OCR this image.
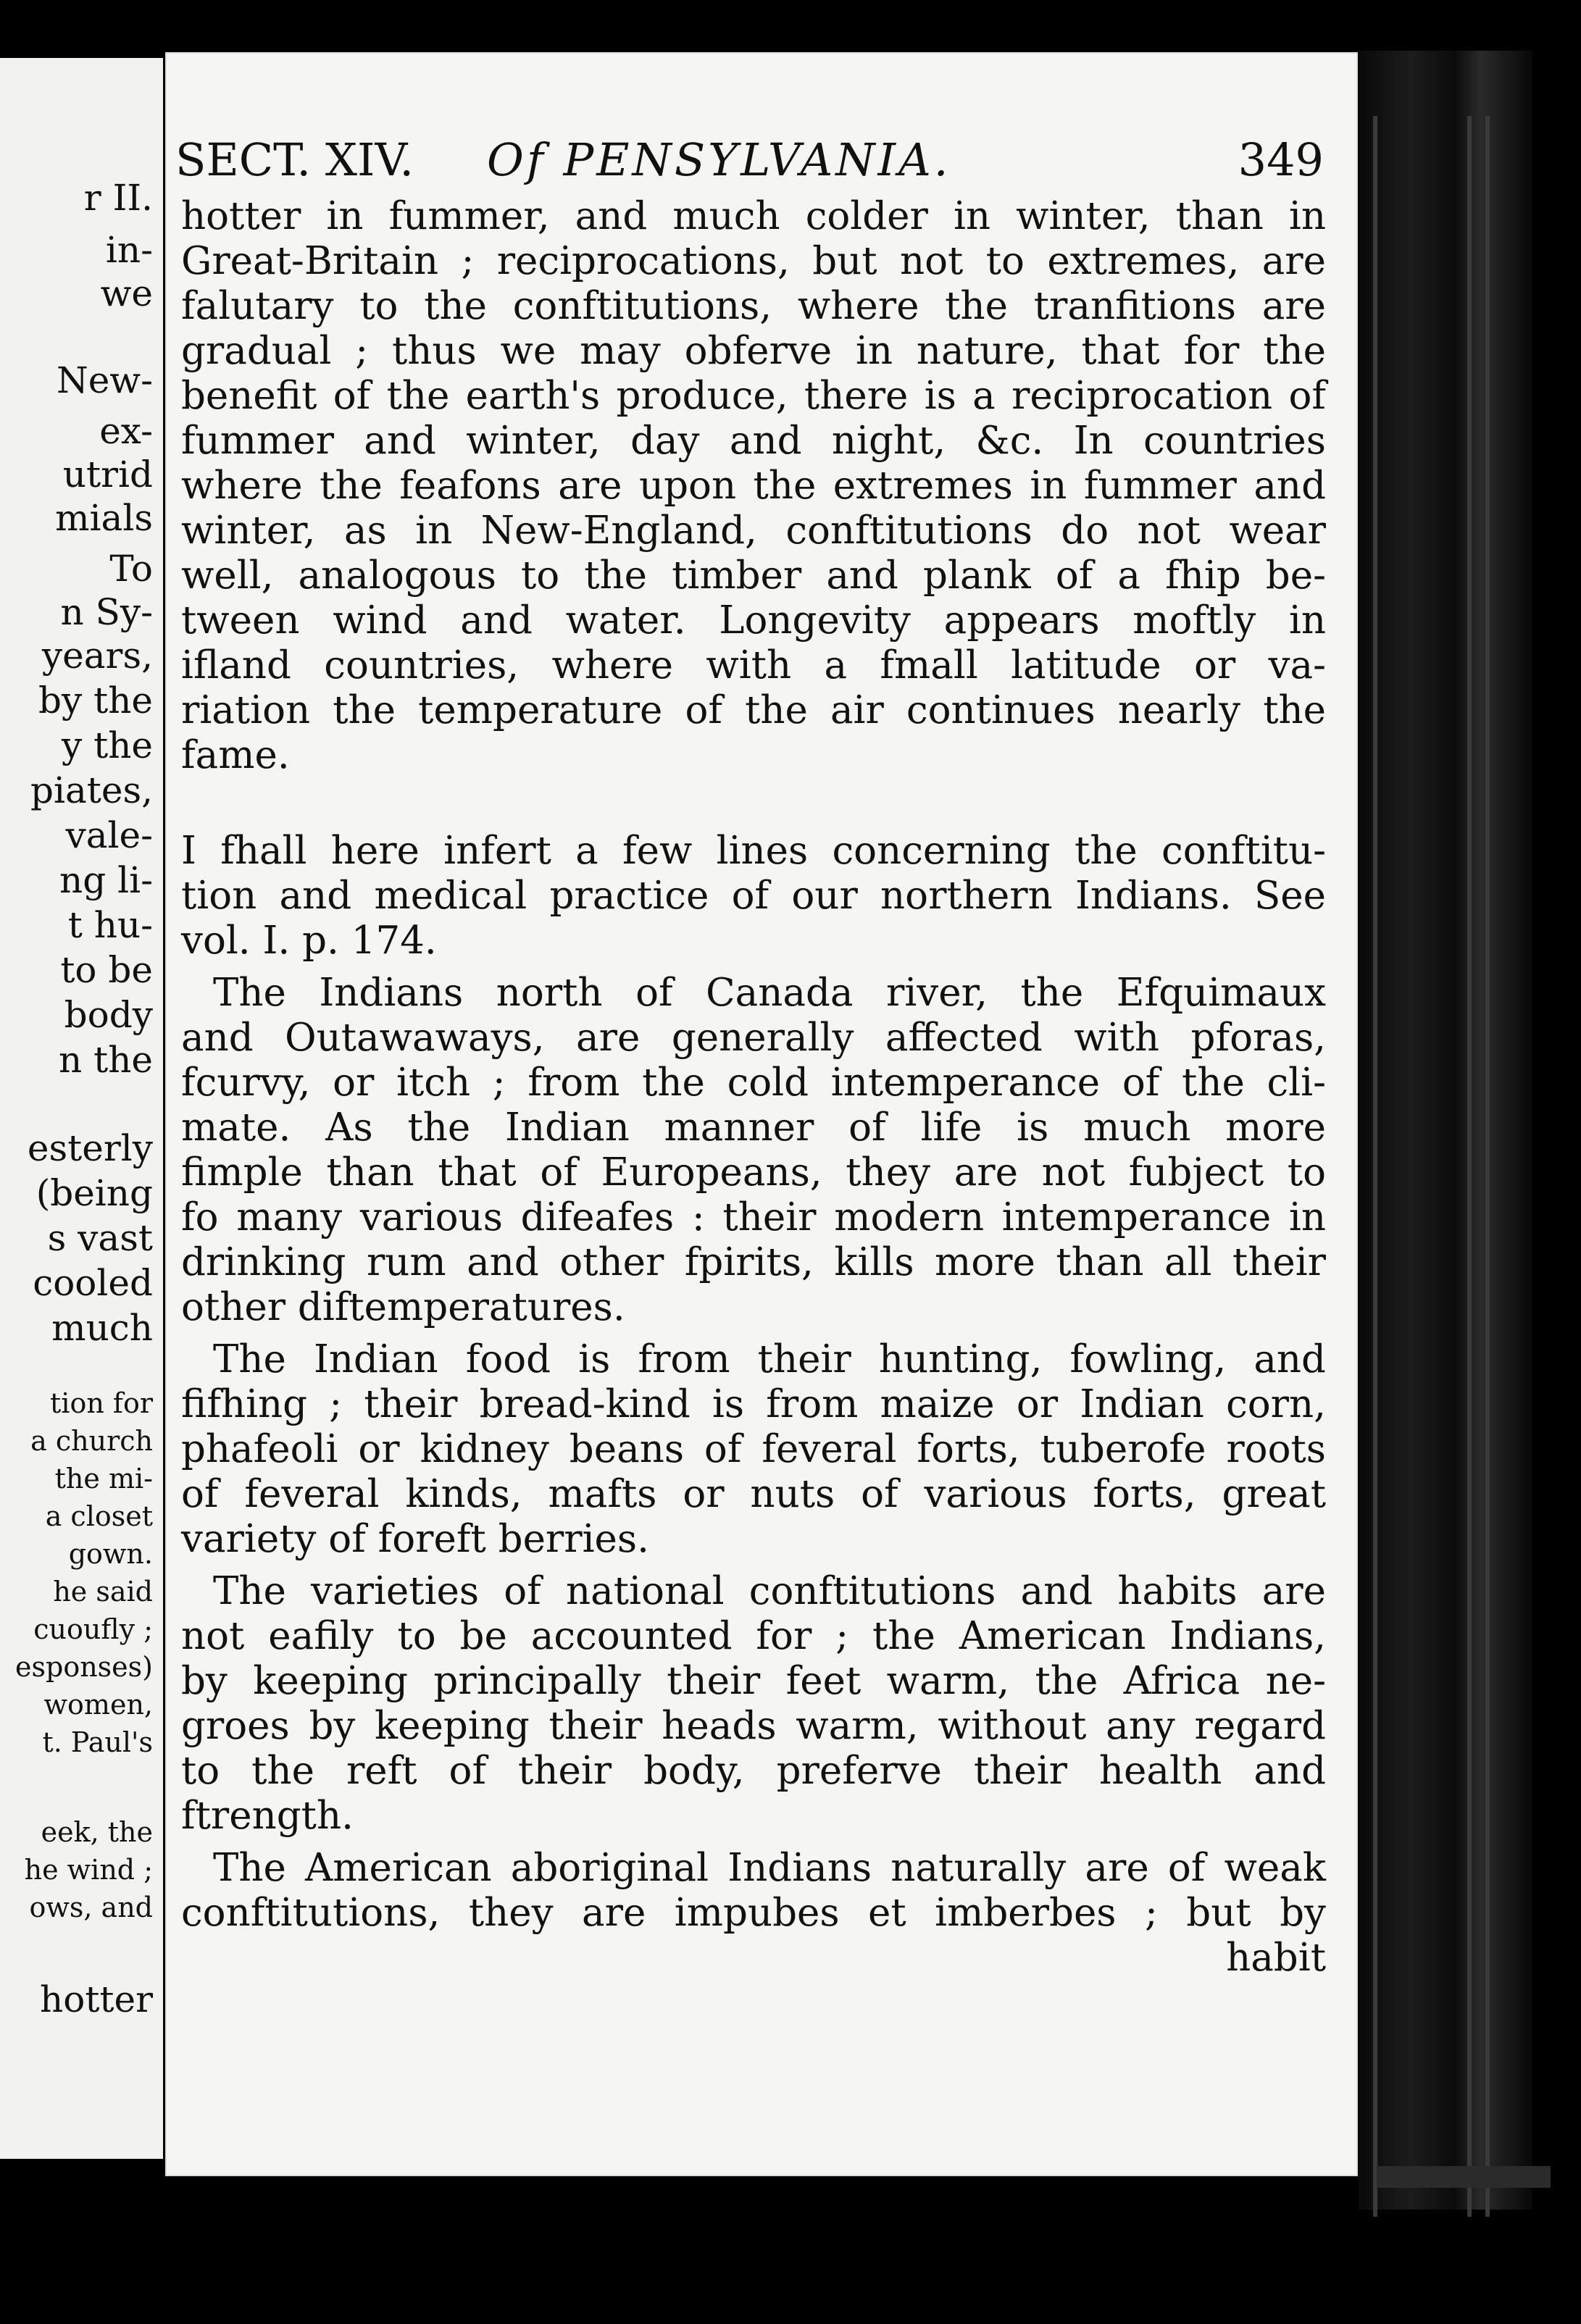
r II.
in-
we
New-
ex-
utrid
mials
To
n Sy-
years,
by the
y the
piates,
vale-
ng li-
t hu-
to be
body
n the
esterly
(being
s vast
cooled
much
tion for
a church
the mi-
a closet
gown.
he said
cuoufly ;
esponses)
women,
t. Paul's
eek, the
he wind ;
ows, and
hotter
SECT. XIV. Of PENSYLVANIA.	349
hotter in fummer, and much colder in winter, than in
Great-Britain ; reciprocations, but not to extremes, are
falutary to the conftitutions, where the tranfitions are
gradual ; thus we may obferve in nature, that for the
benefit of the earth's produce, there is a reciprocation of
fummer and winter, day and night, &c. In countries
where the feafons are upon the extremes in fummer and
winter, as in New-England, conftitutions do not wear
well, analogous to the timber and plank of a fhip be-
tween wind and water. Longevity appears moftly in
ifland countries, where with a fmall latitude or va-
riation the temperature of the air continues nearly the
fame.
I fhall here infert a few lines concerning the conftitu-
tion and medical practice of our northern Indians. See
vol. I. p. 174.
The Indians north of Canada river, the Efquimaux
and Outawaways, are generally affected with pforas,
fcurvy, or itch ; from the cold intemperance of the cli-
mate. As the Indian manner of life is much more
fimple than that of Europeans, they are not fubject to
fo many various difeafes : their modern intemperance in
drinking rum and other fpirits, kills more than all their
other diftemperatures.
The Indian food is from their hunting, fowling, and
fifhing ; their bread-kind is from maize or Indian corn,
phafeoli or kidney beans of feveral forts, tuberofe roots
of feveral kinds, mafts or nuts of various forts, great
variety of foreft berries.
The varieties of national conftitutions and habits are
not eafily to be accounted for ; the American Indians,
by keeping principally their feet warm, the Africa ne-
groes by keeping their heads warm, without any regard
to the reft of their body, preferve their health and
ftrength.
The American aboriginal Indians naturally are of weak
conftitutions, they are impubes et imberbes ; but by
habit
